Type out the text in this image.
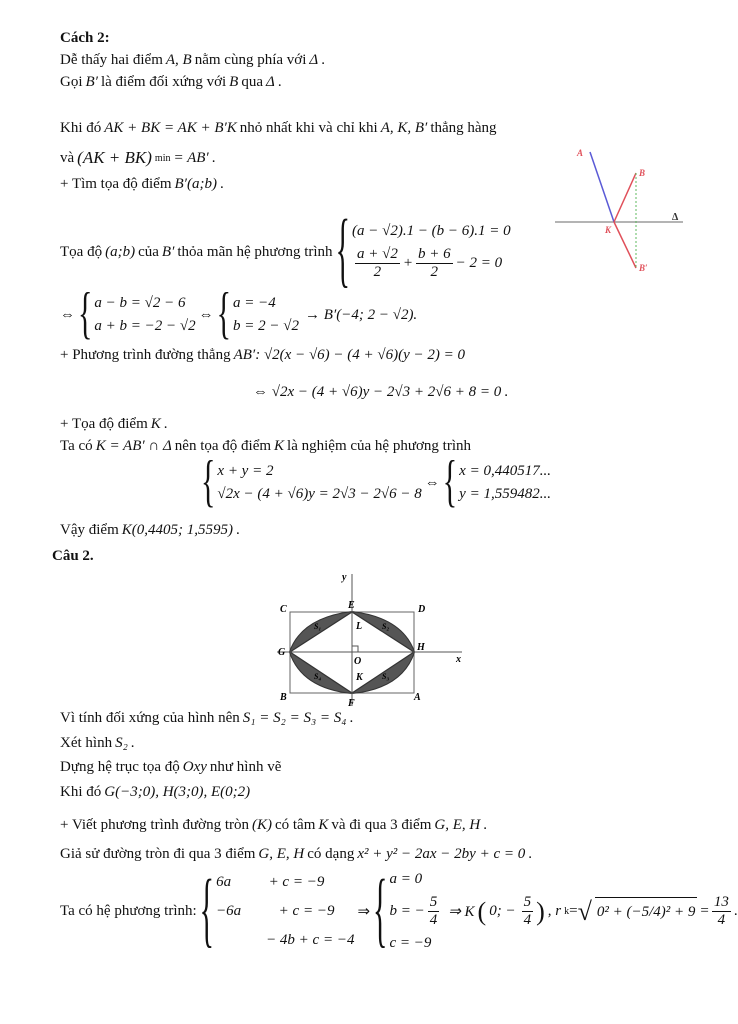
Cách 2:
Dễ thấy hai điểm A, B nằm cùng phía với Δ .
Gọi B′ là điểm đối xứng với B qua Δ .
Khi đó AK + BK = AK + B′K nhỏ nhất khi và chỉ khi A, K, B′ thẳng hàng
và (AK + BK) min = AB′ .
+ Tìm tọa độ điểm B′(a;b) .
A
B
K
B′
Δ
Tọa độ (a;b) của B′ thỏa mãn hệ phương trình { (a − √2).1 − (b − 6).1 = 0
$\frac{a + √2}{2} + \frac{b + 6}{2} - 2 = 0$
⇔ { a − b = √2 − 6
a + b = −2 − √2
⇔ { a = −4
b = 2 − √2
→ B′(−4; 2 − √2).
+ Phương trình đường thẳng AB′: √2(x − √6) − (4 + √6)(y − 2) = 0
⇔ √2x − (4 + √6)y − 2√3 + 2√6 + 8 = 0 .
+ Tọa độ điểm K .
Ta có K = AB′ ∩ Δ nên tọa độ điểm K là nghiệm của hệ phương trình
{ x + y = 2
√2x − (4 + √6)y = 2√3 − 2√6 − 8
⇔ { x = 0,440517...
y = 1,559482...
Vậy điểm K(0,4405; 1,5595) .
Câu 2.
y
C	E	D
L
G
O
H
x
B
K
F
A
S₁	S₂
S₄	S₃
Vì tính đối xứng của hình nên S₁ = S₂ = S₃ = S₄ .
Xét hình S₂ .
Dựng hệ trục tọa độ Oxy như hình vẽ
Khi đó G(−3;0), H(3;0), E(0;2)
+ Viết phương trình đường tròn (K) có tâm K và đi qua 3 điểm G, E, H .
Giả sử đường tròn đi qua 3 điểm G, E, H có dạng x² + y² − 2ax − 2by + c = 0 .
Ta có hệ phương trình: { 6a          + c = −9
−6a          + c = −9
− 4b + c = −4
⇒ { a = 0
b = − $\frac{5}{4}$
c = −9
⇒ K ( 0; − $\frac{5}{4}$ ) , r k = √ $0^2 + (-5/4)^2 + 9 = \frac{13}{4}$ .
